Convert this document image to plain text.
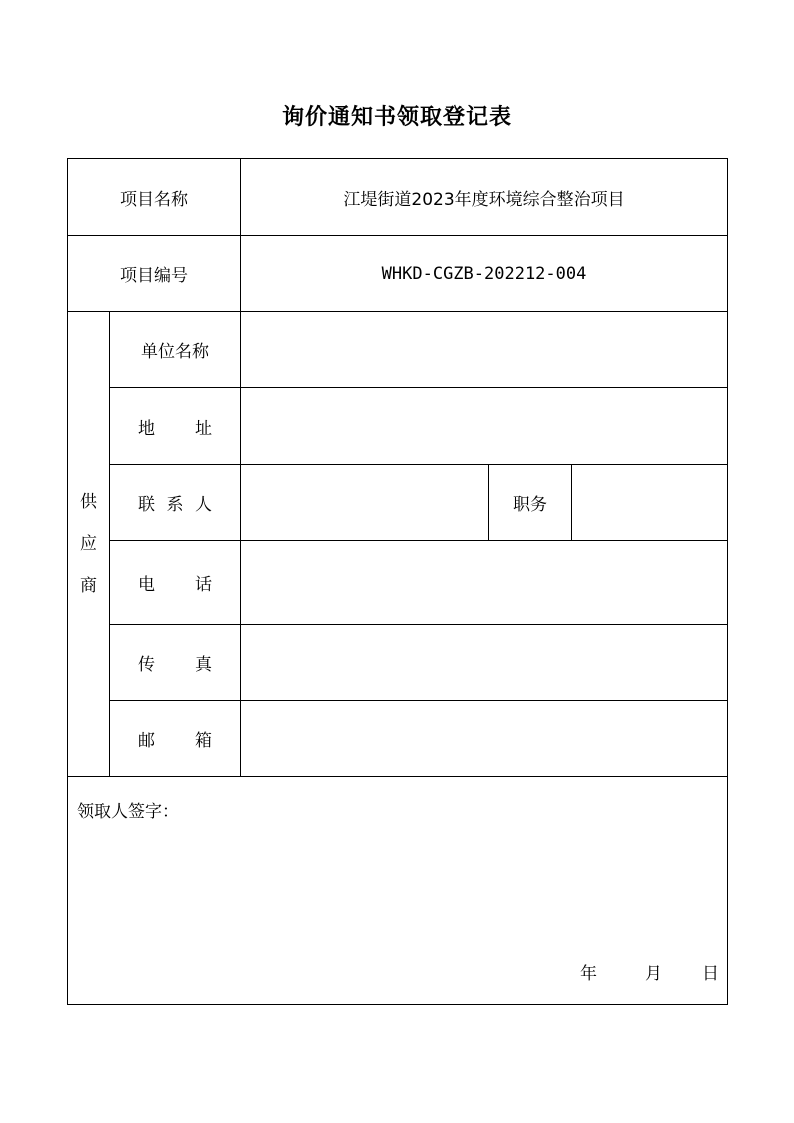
询价通知书领取登记表
项目名称		江堤街道2023年度环境综合整治项目		
项目编号		WHKD-CGZB-202212-004		

供
应
商	单位名称			

	地 址			

	联 系 人		职务	

	电 话			

	传 真			

	邮 箱			

领取人签字：
年 月 日				
